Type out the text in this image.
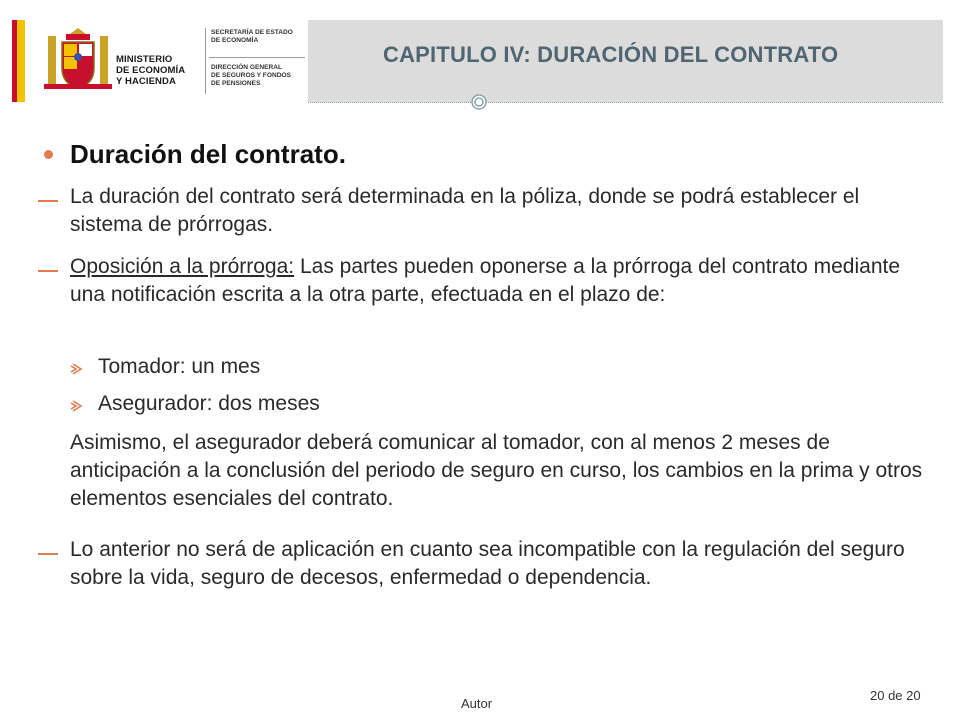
MINISTERIO
DE ECONOMÍA
Y HACIENDA
SECRETARÍA DE ESTADO
DE ECONOMÍA
DIRECCIÓN GENERAL
DE SEGUROS Y FONDOS
DE PENSIONES
CAPITULO IV: DURACIÓN DEL CONTRATO
Duración del contrato.
La duración del contrato será determinada en la póliza, donde se podrá establecer el sistema de prórrogas.
Oposición a la prórroga: Las partes pueden oponerse a la prórroga del contrato mediante una notificación escrita a la otra parte, efectuada en el plazo de:
Tomador: un mes
Asegurador: dos meses
Asimismo, el asegurador deberá comunicar al tomador, con al menos 2 meses de anticipación a la conclusión del periodo de seguro en curso, los cambios en la prima y otros elementos esenciales del contrato.
Lo anterior no será de aplicación en cuanto sea incompatible con la regulación del seguro sobre la vida, seguro de decesos, enfermedad o dependencia.
Autor
20 de 20
